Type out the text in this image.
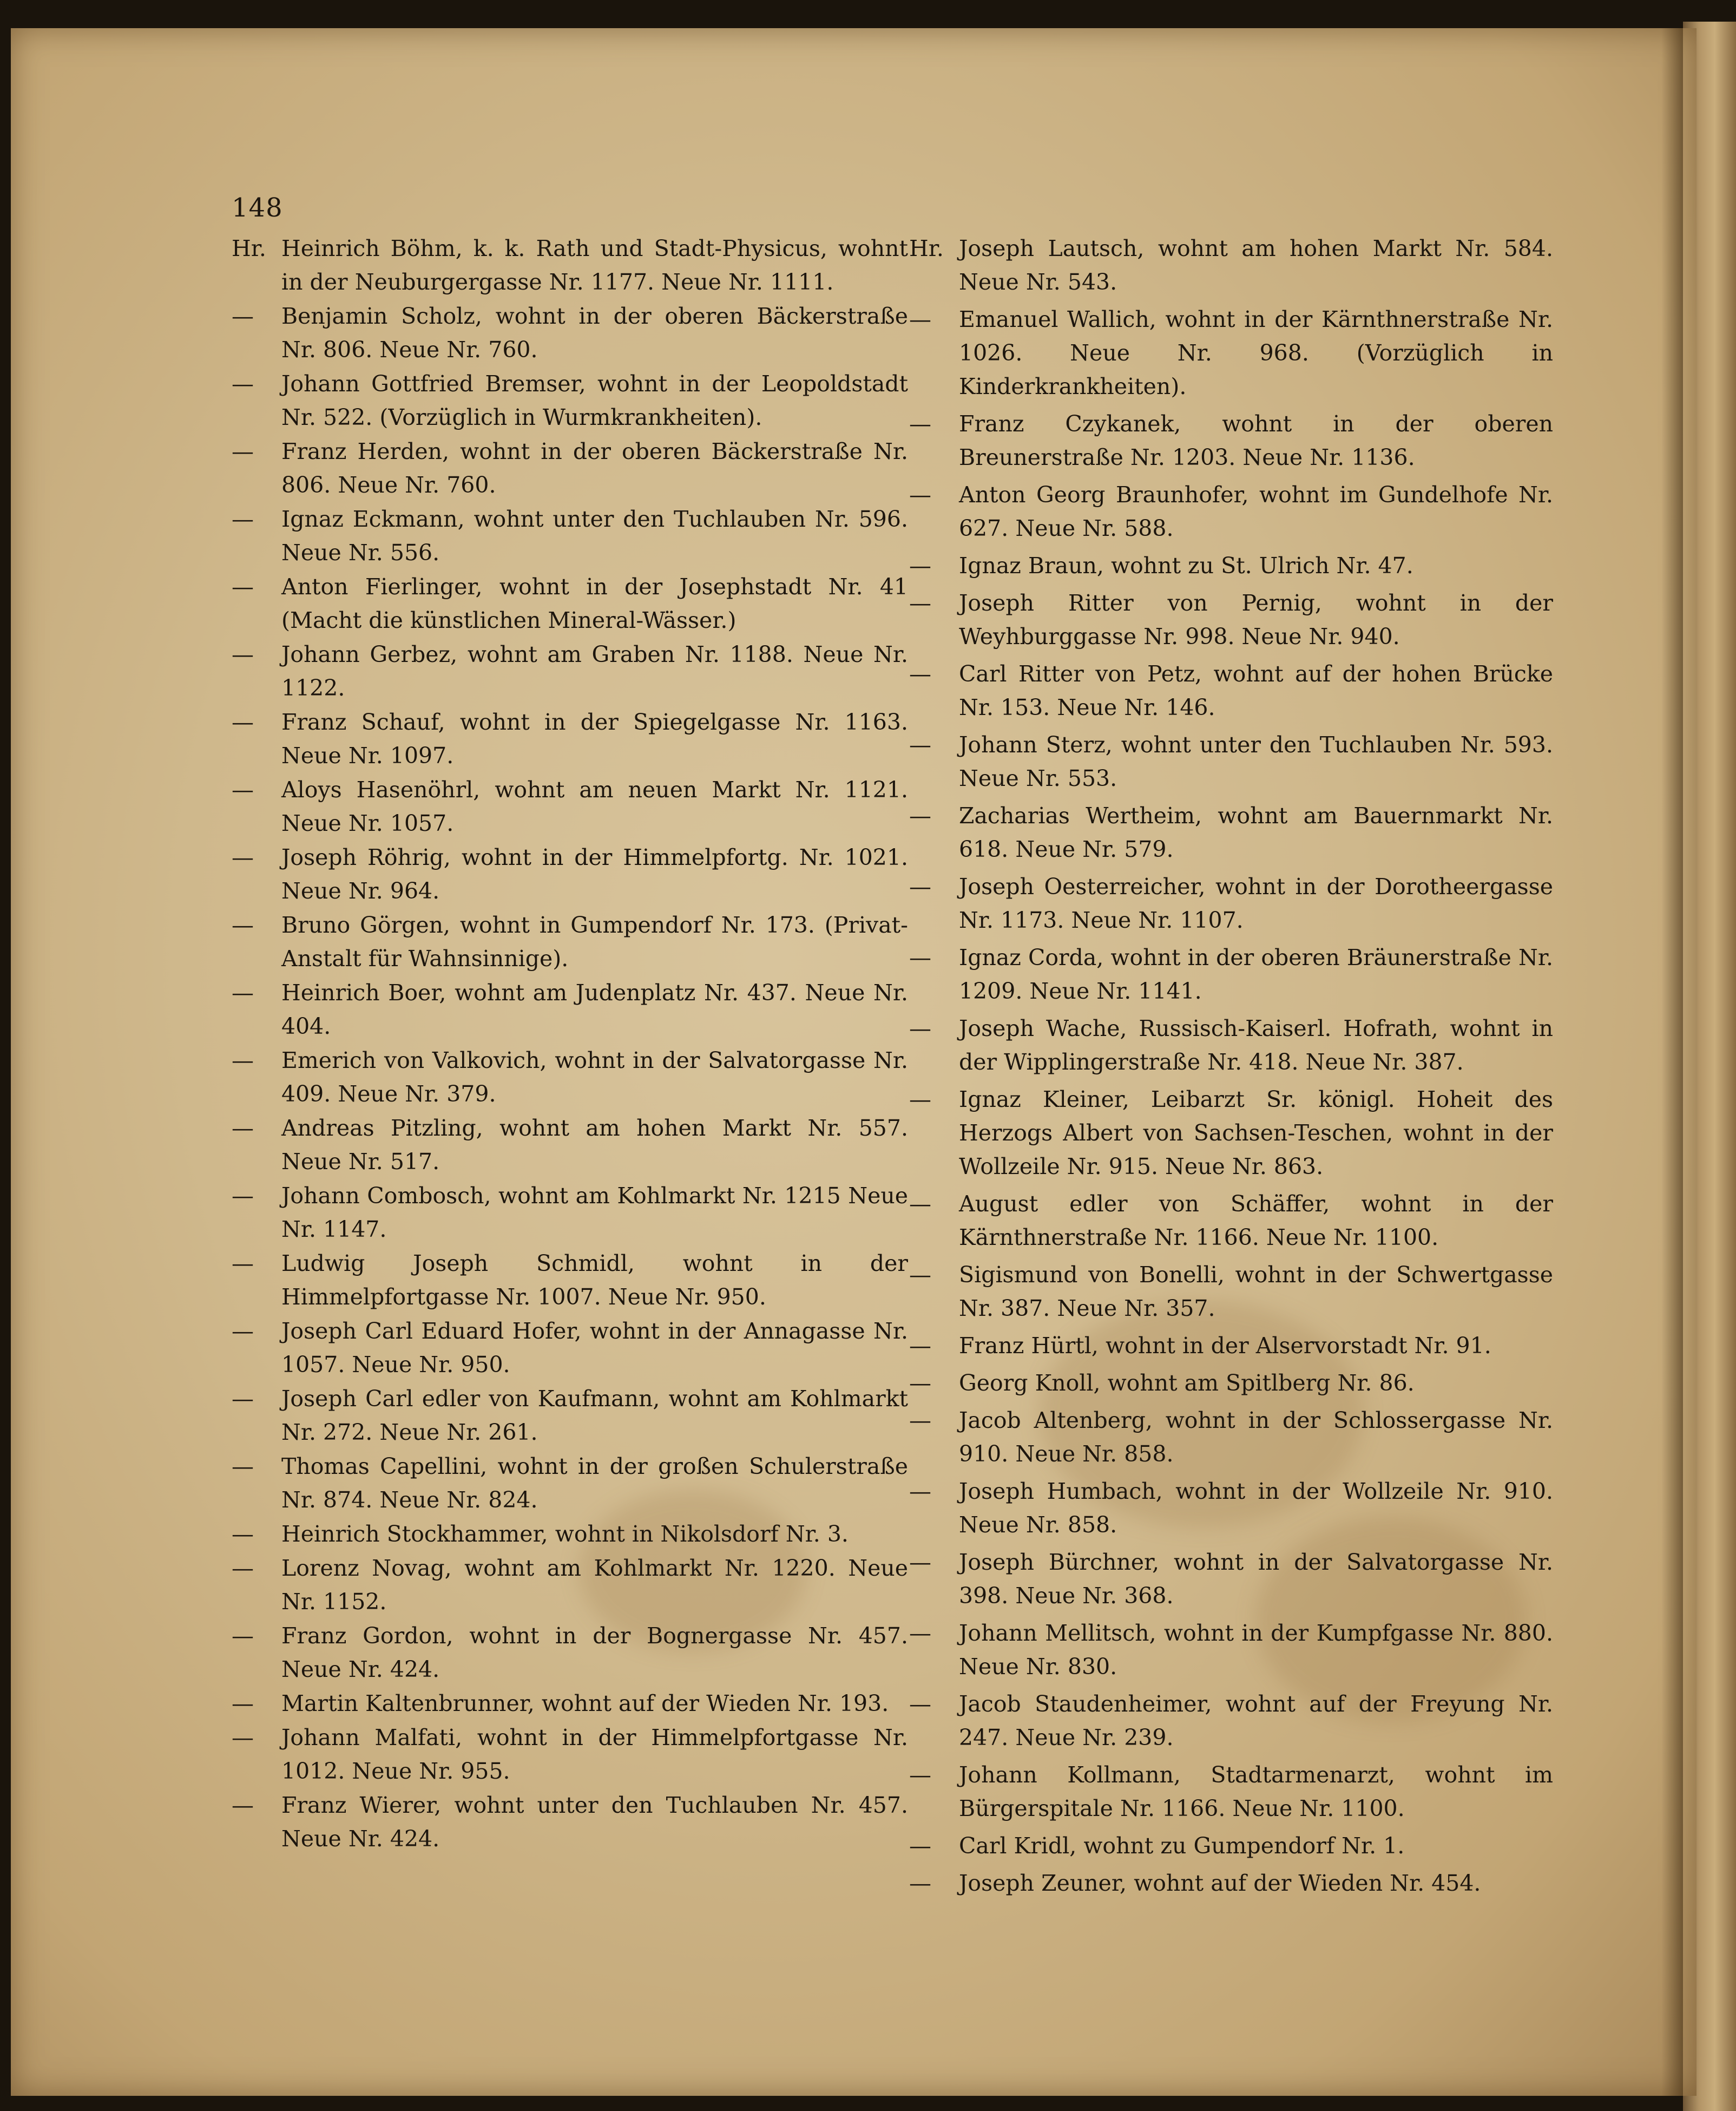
148
Hr. Heinrich Böhm, k. k. Rath und Stadt-Physicus, wohnt in der Neuburgergasse Nr. 1177. Neue Nr. 1111.
—	Benjamin Scholz, wohnt in der oberen Bäckerstraße Nr. 806. Neue Nr. 760.
—	Johann Gottfried Bremser, wohnt in der Leopoldstadt Nr. 522. (Vorzüglich in Wurmkrankheiten).
—	Franz Herden, wohnt in der oberen Bäckerstraße Nr. 806. Neue Nr. 760.
—	Ignaz Eckmann, wohnt unter den Tuchlauben Nr. 596. Neue Nr. 556.
—	Anton Fierlinger, wohnt in der Josephstadt Nr. 41 (Macht die künstlichen Mineral-Wässer.)
—	Johann Gerbez, wohnt am Graben Nr. 1188. Neue Nr. 1122.
—	Franz Schauf, wohnt in der Spiegelgasse Nr. 1163. Neue Nr. 1097.
—	Aloys Hasenöhrl, wohnt am neuen Markt Nr. 1121. Neue Nr. 1057.
—	Joseph Röhrig, wohnt in der Himmelpfortg. Nr. 1021. Neue Nr. 964.
—	Bruno Görgen, wohnt in Gumpendorf Nr. 173. (Privat-Anstalt für Wahnsinnige).
—	Heinrich Boer, wohnt am Judenplatz Nr. 437. Neue Nr. 404.
—	Emerich von Valkovich, wohnt in der Salvatorgasse Nr. 409. Neue Nr. 379.
—	Andreas Pitzling, wohnt am hohen Markt Nr. 557. Neue Nr. 517.
—	Johann Combosch, wohnt am Kohlmarkt Nr. 1215 Neue Nr. 1147.
—	Ludwig Joseph Schmidl, wohnt in der Himmelpfortgasse Nr. 1007. Neue Nr. 950.
—	Joseph Carl Eduard Hofer, wohnt in der Annagasse Nr. 1057. Neue Nr. 950.
—	Joseph Carl edler von Kaufmann, wohnt am Kohlmarkt Nr. 272. Neue Nr. 261.
—	Thomas Capellini, wohnt in der großen Schulerstraße Nr. 874. Neue Nr. 824.
—	Heinrich Stockhammer, wohnt in Nikolsdorf Nr. 3.
—	Lorenz Novag, wohnt am Kohlmarkt Nr. 1220. Neue Nr. 1152.
—	Franz Gordon, wohnt in der Bognergasse Nr. 457. Neue Nr. 424.
—	Martin Kaltenbrunner, wohnt auf der Wieden Nr. 193.
—	Johann Malfati, wohnt in der Himmelpfortgasse Nr. 1012. Neue Nr. 955.
—	Franz Wierer, wohnt unter den Tuchlauben Nr. 457. Neue Nr. 424.
Hr. Joseph Lautsch, wohnt am hohen Markt Nr. 584. Neue Nr. 543.
—	Emanuel Wallich, wohnt in der Kärnthnerstraße Nr. 1026. Neue Nr. 968. (Vorzüglich in Kinderkrankheiten).
—	Franz Czykanek, wohnt in der oberen Breunerstraße Nr. 1203. Neue Nr. 1136.
—	Anton Georg Braunhofer, wohnt im Gundelhofe Nr. 627. Neue Nr. 588.
—	Ignaz Braun, wohnt zu St. Ulrich Nr. 47.
—	Joseph Ritter von Pernig, wohnt in der Weyhburggasse Nr. 998. Neue Nr. 940.
—	Carl Ritter von Petz, wohnt auf der hohen Brücke Nr. 153. Neue Nr. 146.
—	Johann Sterz, wohnt unter den Tuchlauben Nr. 593. Neue Nr. 553.
—	Zacharias Wertheim, wohnt am Bauernmarkt Nr. 618. Neue Nr. 579.
—	Joseph Oesterreicher, wohnt in der Dorotheergasse Nr. 1173. Neue Nr. 1107.
—	Ignaz Corda, wohnt in der oberen Bräunerstraße Nr. 1209. Neue Nr. 1141.
—	Joseph Wache, Russisch-Kaiserl. Hofrath, wohnt in der Wipplingerstraße Nr. 418. Neue Nr. 387.
—	Ignaz Kleiner, Leibarzt Sr. königl. Hoheit des Herzogs Albert von Sachsen-Teschen, wohnt in der Wollzeile Nr. 915. Neue Nr. 863.
—	August edler von Schäffer, wohnt in der Kärnthnerstraße Nr. 1166. Neue Nr. 1100.
—	Sigismund von Bonelli, wohnt in der Schwertgasse Nr. 387. Neue Nr. 357.
—	Franz Hürtl, wohnt in der Alservorstadt Nr. 91.
—	Georg Knoll, wohnt am Spitlberg Nr. 86.
—	Jacob Altenberg, wohnt in der Schlossergasse Nr. 910. Neue Nr. 858.
—	Joseph Humbach, wohnt in der Wollzeile Nr. 910. Neue Nr. 858.
—	Joseph Bürchner, wohnt in der Salvatorgasse Nr. 398. Neue Nr. 368.
—	Johann Mellitsch, wohnt in der Kumpfgasse Nr. 880. Neue Nr. 830.
—	Jacob Staudenheimer, wohnt auf der Freyung Nr. 247. Neue Nr. 239.
—	Johann Kollmann, Stadtarmenarzt, wohnt im Bürgerspitale Nr. 1166. Neue Nr. 1100.
—	Carl Kridl, wohnt zu Gumpendorf Nr. 1.
—	Joseph Zeuner, wohnt auf der Wieden Nr. 454.
